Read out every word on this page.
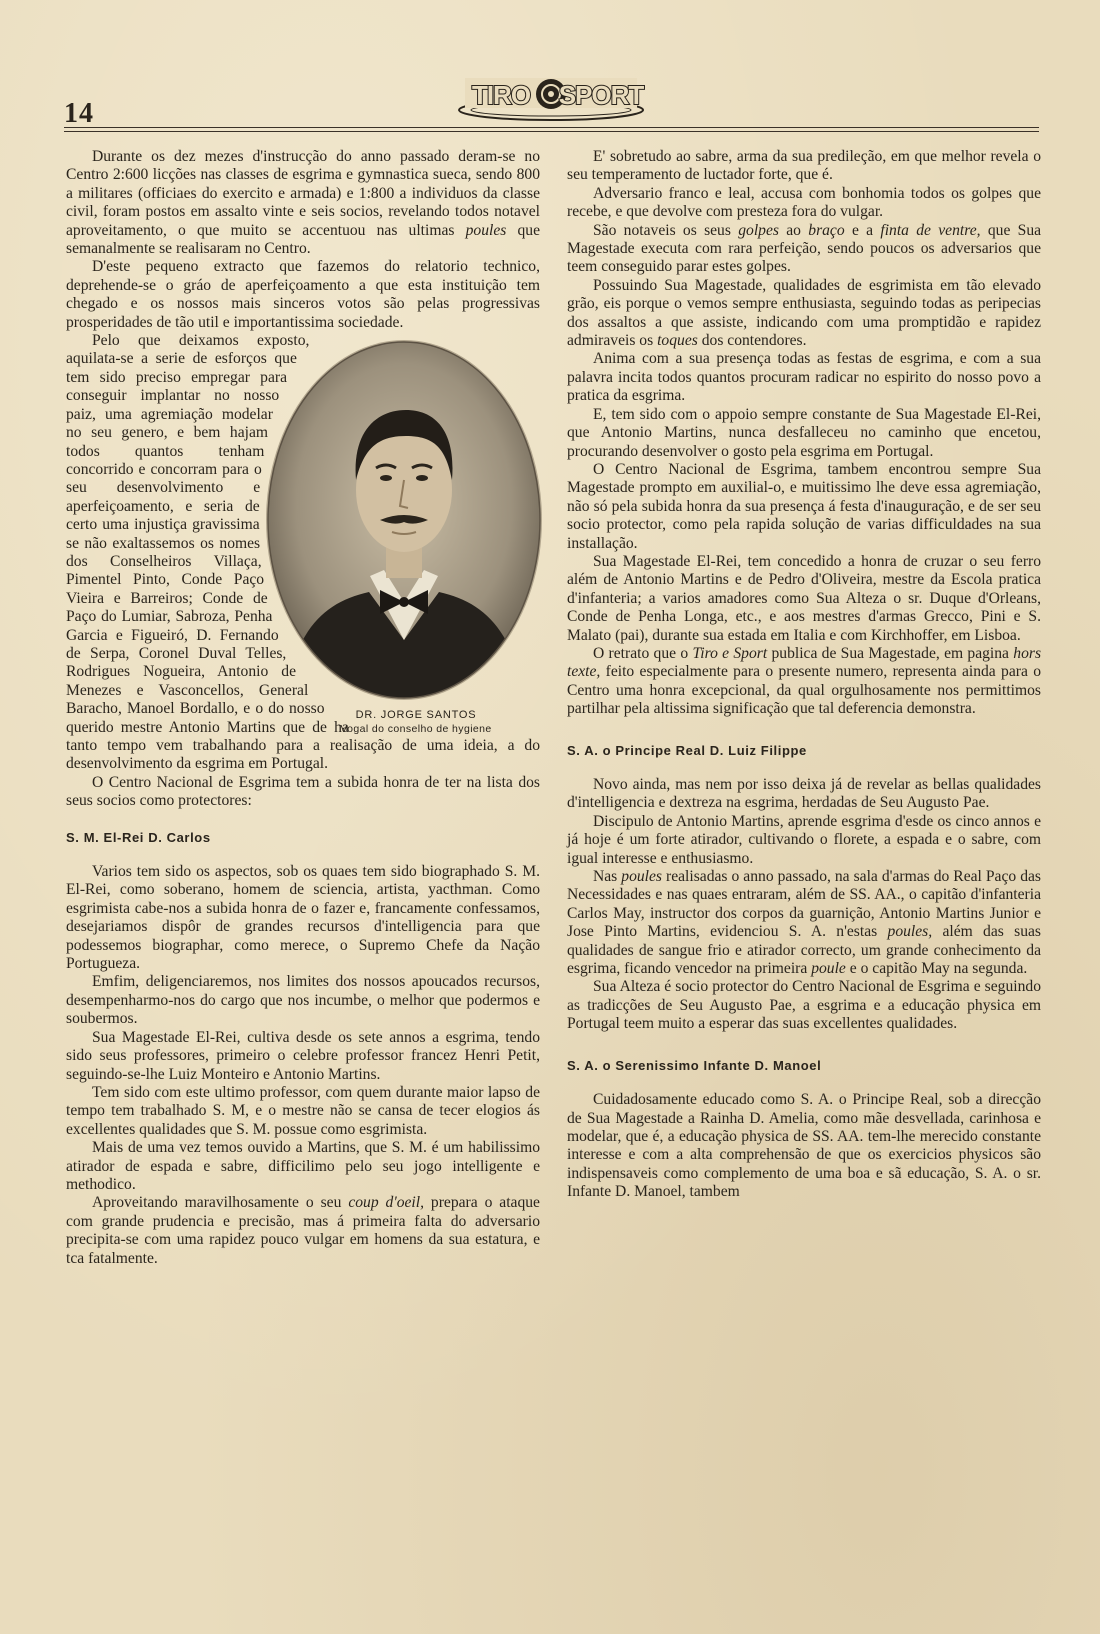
14
TIRO SPORT

Durante os dez mezes d'instrucção do anno passado deram-se no Centro 2:600 licções nas classes de esgrima e gymnastica sueca, sendo 800 a militares (officiaes do exercito e armada) e 1:800 a individuos da classe civil, foram postos em assalto vinte e seis socios, revelando todos notavel aproveitamento, o que muito se accentuou nas ultimas poules que semanalmente se realisaram no Centro.

D'este pequeno extracto que fazemos do relatorio technico, deprehende-se o gráo de aperfeiçoamento a que esta instituição tem chegado e os nossos mais sinceros votos são pelas progressivas prosperidades de tão util e importantissima sociedade.

DR. JORGE SANTOS
Vogal do conselho de hygiene
Pelo que deixamos exposto, aquilata-se a serie de esforços que tem sido preciso empregar para conseguir implantar no nosso paiz, uma agremiação modelar no seu genero, e bem hajam todos quantos tenham concorrido e concorram para o seu desenvolvimento e aperfeiçoamento, e seria de certo uma injustiça gravissima se não exaltassemos os nomes dos Conselheiros Villaça, Pimentel Pinto, Conde Paço Vieira e Barreiros; Conde de Paço do Lumiar, Sabroza, Penha Garcia e Figueiró, D. Fernando de Serpa, Coronel Duval Telles, Rodrigues Nogueira, Antonio de Menezes e Vasconcellos, General Baracho, Manoel Bordallo, e o do nosso querido mestre Antonio Martins que de ha tanto tempo vem trabalhando para a realisação de uma ideia, a do desenvolvimento da esgrima em Portugal.

O Centro Nacional de Esgrima tem a subida honra de ter na lista dos seus socios como protectores:

S. M. El-Rei D. Carlos

Varios tem sido os aspectos, sob os quaes tem sido biographado S. M. El-Rei, como soberano, homem de sciencia, artista, yacthman. Como esgrimista cabe-nos a subida honra de o fazer e, francamente confessamos, desejariamos dispôr de grandes recursos d'intelligencia para que podessemos biographar, como merece, o Supremo Chefe da Nação Portugueza.

Emfim, deligenciaremos, nos limites dos nossos apoucados recursos, desempenharmo-nos do cargo que nos incumbe, o melhor que podermos e soubermos.

Sua Magestade El-Rei, cultiva desde os sete annos a esgrima, tendo sido seus professores, primeiro o celebre professor francez Henri Petit, seguindo-se-lhe Luiz Monteiro e Antonio Martins.

Tem sido com este ultimo professor, com quem durante maior lapso de tempo tem trabalhado S. M, e o mestre não se cansa de tecer elogios ás excellentes qualidades que S. M. possue como esgrimista.

Mais de uma vez temos ouvido a Martins, que S. M. é um habilissimo atirador de espada e sabre, difficilimo pelo seu jogo intelligente e methodico.

Aproveitando maravilhosamente o seu coup d'oeil, prepara o ataque com grande prudencia e precisão, mas á primeira falta do adversario precipita-se com uma rapidez pouco vulgar em homens da sua estatura, e tca fatalmente.

E' sobretudo ao sabre, arma da sua predileção, em que melhor revela o seu temperamento de luctador forte, que é.

Adversario franco e leal, accusa com bonhomia todos os golpes que recebe, e que devolve com presteza fora do vulgar.

São notaveis os seus golpes ao braço e a finta de ventre, que Sua Magestade executa com rara perfeição, sendo poucos os adversarios que teem conseguido parar estes golpes.

Possuindo Sua Magestade, qualidades de esgrimista em tão elevado grão, eis porque o vemos sempre enthusiasta, seguindo todas as peripecias dos assaltos a que assiste, indicando com uma promptidão e rapidez admiraveis os toques dos contendores.

Anima com a sua presença todas as festas de esgrima, e com a sua palavra incita todos quantos procuram radicar no espirito do nosso povo a pratica da esgrima.

E, tem sido com o appoio sempre constante de Sua Magestade El-Rei, que Antonio Martins, nunca desfalleceu no caminho que encetou, procurando desenvolver o gosto pela esgrima em Portugal.

O Centro Nacional de Esgrima, tambem encontrou sempre Sua Magestade prompto em auxilial-o, e muitissimo lhe deve essa agremiação, não só pela subida honra da sua presença á festa d'inauguração, e de ser seu socio protector, como pela rapida solução de varias difficuldades na sua installação.

Sua Magestade El-Rei, tem concedido a honra de cruzar o seu ferro além de Antonio Martins e de Pedro d'Oliveira, mestre da Escola pratica d'infanteria; a varios amadores como Sua Alteza o sr. Duque d'Orleans, Conde de Penha Longa, etc., e aos mestres d'armas Grecco, Pini e S. Malato (pai), durante sua estada em Italia e com Kirchhoffer, em Lisboa.

O retrato que o Tiro e Sport publica de Sua Magestade, em pagina hors texte, feito especialmente para o presente numero, representa ainda para o Centro uma honra excepcional, da qual orgulhosamente nos permittimos partilhar pela altissima significação que tal deferencia demonstra.

S. A. o Principe Real D. Luiz Filippe

Novo ainda, mas nem por isso deixa já de revelar as bellas qualidades d'intelligencia e dextreza na esgrima, herdadas de Seu Augusto Pae.

Discipulo de Antonio Martins, aprende esgrima d'esde os cinco annos e já hoje é um forte atirador, cultivando o florete, a espada e o sabre, com igual interesse e enthusiasmo.

Nas poules realisadas o anno passado, na sala d'armas do Real Paço das Necessidades e nas quaes entraram, além de SS. AA., o capitão d'infanteria Carlos May, instructor dos corpos da guarnição, Antonio Martins Junior e Jose Pinto Martins, evidenciou S. A. n'estas poules, além das suas qualidades de sangue frio e atirador correcto, um grande conhecimento da esgrima, ficando vencedor na primeira poule e o capitão May na segunda.

Sua Alteza é socio protector do Centro Nacional de Esgrima e seguindo as tradicções de Seu Augusto Pae, a esgrima e a educação physica em Portugal teem muito a esperar das suas excellentes qualidades.

S. A. o Serenissimo Infante D. Manoel

Cuidadosamente educado como S. A. o Principe Real, sob a direcção de Sua Magestade a Rainha D. Amelia, como mãe desvellada, carinhosa e modelar, que é, a educação physica de SS. AA. tem-lhe merecido constante interesse e com a alta comprehensão de que os exercicios physicos são indispensaveis como complemento de uma boa e sã educação, S. A. o sr. Infante D. Manoel, tambem
